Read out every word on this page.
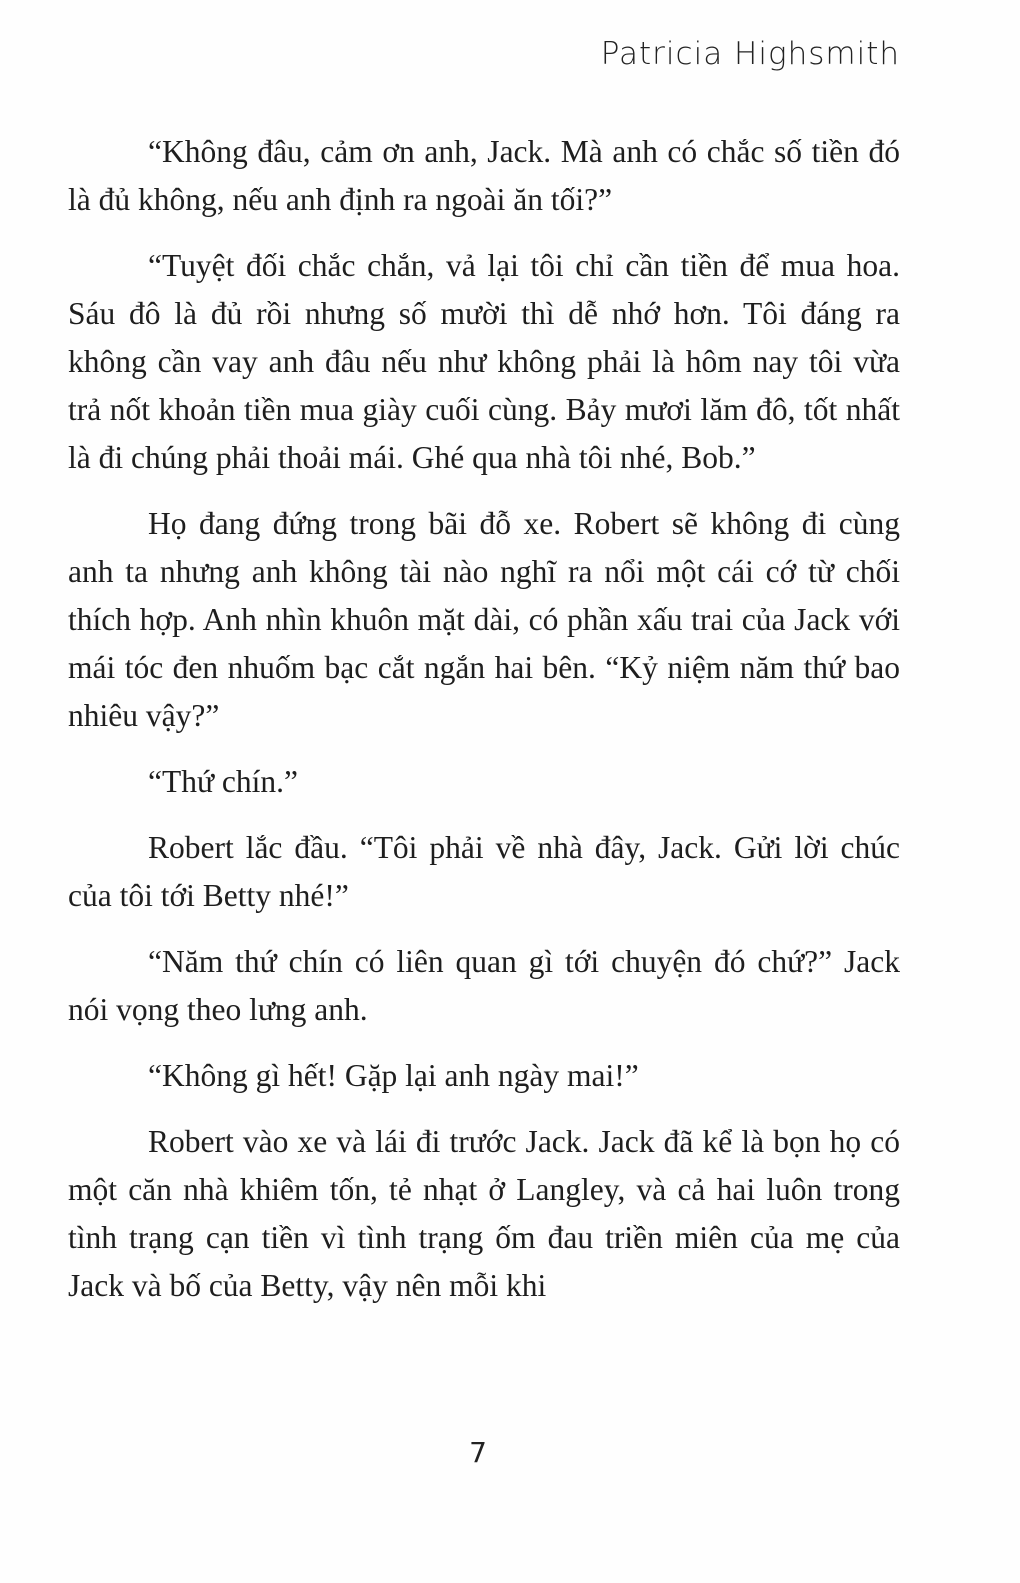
Patricia Highsmith

“Không đâu, cảm ơn anh, Jack. Mà anh có chắc số tiền đó là đủ không, nếu anh định ra ngoài ăn tối?”

“Tuyệt đối chắc chắn, vả lại tôi chỉ cần tiền để mua hoa. Sáu đô là đủ rồi nhưng số mười thì dễ nhớ hơn. Tôi đáng ra không cần vay anh đâu nếu như không phải là hôm nay tôi vừa trả nốt khoản tiền mua giày cuối cùng. Bảy mươi lăm đô, tốt nhất là đi chúng phải thoải mái. Ghé qua nhà tôi nhé, Bob.”

Họ đang đứng trong bãi đỗ xe. Robert sẽ không đi cùng anh ta nhưng anh không tài nào nghĩ ra nổi một cái cớ từ chối thích hợp. Anh nhìn khuôn mặt dài, có phần xấu trai của Jack với mái tóc đen nhuốm bạc cắt ngắn hai bên. “Kỷ niệm năm thứ bao nhiêu vậy?”

“Thứ chín.”

Robert lắc đầu. “Tôi phải về nhà đây, Jack. Gửi lời chúc của tôi tới Betty nhé!”

“Năm thứ chín có liên quan gì tới chuyện đó chứ?” Jack nói vọng theo lưng anh.

“Không gì hết! Gặp lại anh ngày mai!”

Robert vào xe và lái đi trước Jack. Jack đã kể là bọn họ có một căn nhà khiêm tốn, tẻ nhạt ở Langley, và cả hai luôn trong tình trạng cạn tiền vì tình trạng ốm đau triền miên của mẹ của Jack và bố của Betty, vậy nên mỗi khi

7
